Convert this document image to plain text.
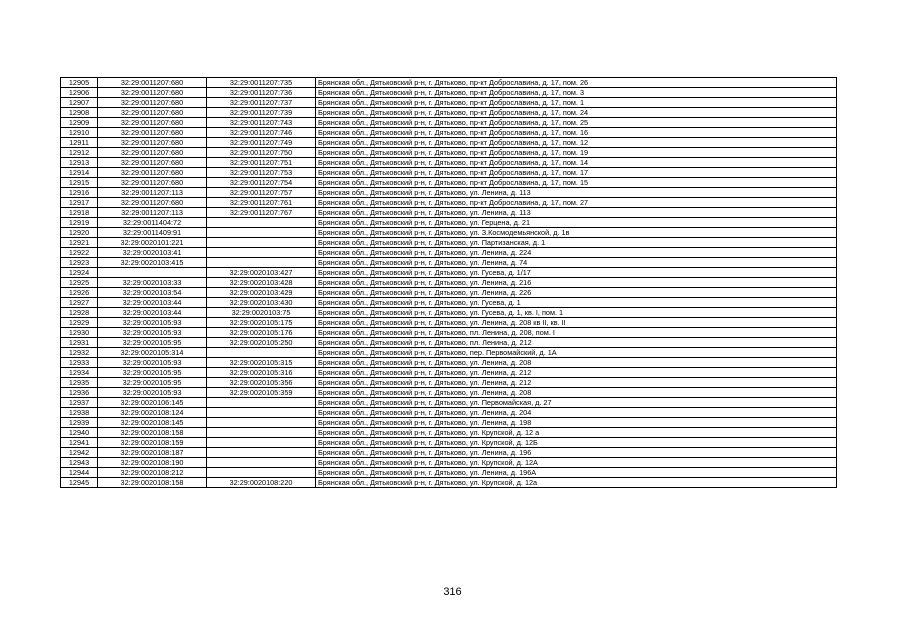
12905	32:29:0011207:680	32:29:0011207:735	Брянская обл., Дятьковский р-н, г. Дятьково, пр-кт Доброславина, д. 17, пом. 26
12906	32:29:0011207:680	32:29:0011207:736	Брянская обл., Дятьковский р-н, г. Дятьково, пр-кт Доброславина, д. 17, пом. 3
12907	32:29:0011207:680	32:29:0011207:737	Брянская обл., Дятьковский р-н, г. Дятьково, пр-кт Доброславина, д. 17, пом. 1
12908	32:29:0011207:680	32:29:0011207:739	Брянская обл., Дятьковский р-н, г. Дятьково, пр-кт Доброславина, д. 17, пом. 24
12909	32:29:0011207:680	32:29:0011207:743	Брянская обл., Дятьковский р-н, г. Дятьково, пр-кт Доброславина, д. 17, пом. 25
12910	32:29:0011207:680	32:29:0011207:746	Брянская обл., Дятьковский р-н, г. Дятьково, пр-кт Доброславина, д. 17, пом. 16
12911	32:29:0011207:680	32:29:0011207:749	Брянская обл., Дятьковский р-н, г. Дятьково, пр-кт Доброславина, д. 17, пом. 12
12912	32:29:0011207:680	32:29:0011207:750	Брянская обл., Дятьковский р-н, г. Дятьково, пр-кт Доброславина, д. 17, пом. 19
12913	32:29:0011207:680	32:29:0011207:751	Брянская обл., Дятьковский р-н, г. Дятьково, пр-кт Доброславина, д. 17, пом. 14
12914	32:29:0011207:680	32:29:0011207:753	Брянская обл., Дятьковский р-н, г. Дятьково, пр-кт Доброславина, д. 17, пом. 17
12915	32:29:0011207:680	32:29:0011207:754	Брянская обл., Дятьковский р-н, г. Дятьково, пр-кт Доброславина, д. 17, пом. 15
12916	32:29:0011207:113	32:29:0011207:757	Брянская обл., Дятьковский р-н, г. Дятьково, ул. Ленина, д. 113
12917	32:29:0011207:680	32:29:0011207:761	Брянская обл., Дятьковский р-н, г. Дятьково, пр-кт Доброславина, д. 17, пом. 27
12918	32:29:0011207:113	32:29:0011207:767	Брянская обл., Дятьковский р-н, г. Дятьково, ул. Ленина, д. 113
12919	32:29:0011404:72		Брянская обл., Дятьковский р-н, г. Дятьково, ул. Герцена, д. 21
12920	32:29:0011409:91		Брянская обл., Дятьковский р-н, г. Дятьково, ул. З.Космодемьянской, д. 1в
12921	32:29:0020101:221		Брянская обл., Дятьковский р-н, г. Дятьково, ул. Партизанская, д. 1
12922	32:29:0020103:41		Брянская обл., Дятьковский р-н, г. Дятьково, ул. Ленина, д. 224
12923	32:29:0020103:415		Брянская обл., Дятьковский р-н, г. Дятьково, ул. Ленина, д. 74
12924		32:29:0020103:427	Брянская обл., Дятьковский р-н, г. Дятьково, ул. Гусева, д. 1/17
12925	32:29:0020103:33	32:29:0020103:428	Брянская обл., Дятьковский р-н, г. Дятьково, ул. Ленина, д. 216
12926	32:29:0020103:54	32:29:0020103:429	Брянская обл., Дятьковский р-н, г. Дятьково, ул. Ленина, д. 226
12927	32:29:0020103:44	32:29:0020103:430	Брянская обл., Дятьковский р-н, г. Дятьково, ул. Гусева, д. 1
12928	32:29:0020103:44	32:29:0020103:75	Брянская обл., Дятьковский р-н, г. Дятьково, ул. Гусева, д. 1, кв. I, пом. 1
12929	32:29:0020105:93	32:29:0020105:175	Брянская обл., Дятьковский р-н, г. Дятьково, ул. Ленина, д. 208 кв II, кв. II
12930	32:29:0020105:93	32:29:0020105:176	Брянская обл., Дятьковский р-н, г. Дятьково, пл. Ленина, д. 208, пом. I
12931	32:29:0020105:95	32:29:0020105:250	Брянская обл., Дятьковский р-н, г. Дятьково, пл. Ленина, д. 212
12932	32:29:0020105:314		Брянская обл., Дятьковский р-н, г. Дятьково, пер. Первомайский, д. 1А
12933	32:29:0020105:93	32:29:0020105:315	Брянская обл., Дятьковский р-н, г. Дятьково, ул. Ленина, д. 208
12934	32:29:0020105:95	32:29:0020105:316	Брянская обл., Дятьковский р-н, г. Дятьково, ул. Ленина, д. 212
12935	32:29:0020105:95	32:29:0020105:356	Брянская обл., Дятьковский р-н, г. Дятьково, ул. Ленина, д. 212
12936	32:29:0020105:93	32:29:0020105:359	Брянская обл., Дятьковский р-н, г. Дятьково, ул. Ленина, д. 208
12937	32:29:0020106:145		Брянская обл., Дятьковский р-н, г. Дятьково, ул. Первомайская, д. 27
12938	32:29:0020108:124		Брянская обл., Дятьковский р-н, г. Дятьково, ул. Ленина, д. 204
12939	32:29:0020108:145		Брянская обл., Дятьковский р-н, г. Дятьково, ул. Ленина, д. 198
12940	32:29:0020108:158		Брянская обл., Дятьковский р-н, г. Дятьково, ул. Крупской, д. 12 а
12941	32:29:0020108:159		Брянская обл., Дятьковский р-н, г. Дятьково, ул. Крупской, д. 12Б
12942	32:29:0020108:187		Брянская обл., Дятьковский р-н, г. Дятьково, ул. Ленина, д. 196
12943	32:29:0020108:190		Брянская обл., Дятьковский р-н, г. Дятьково, ул. Крупской, д. 12А
12944	32:29:0020108:212		Брянская обл., Дятьковский р-н, г. Дятьково, ул. Ленина, д. 196А
12945	32:29:0020108:158	32:29:0020108:220	Брянская обл., Дятьковский р-н, г. Дятьково, ул. Крупской, д. 12а
316
